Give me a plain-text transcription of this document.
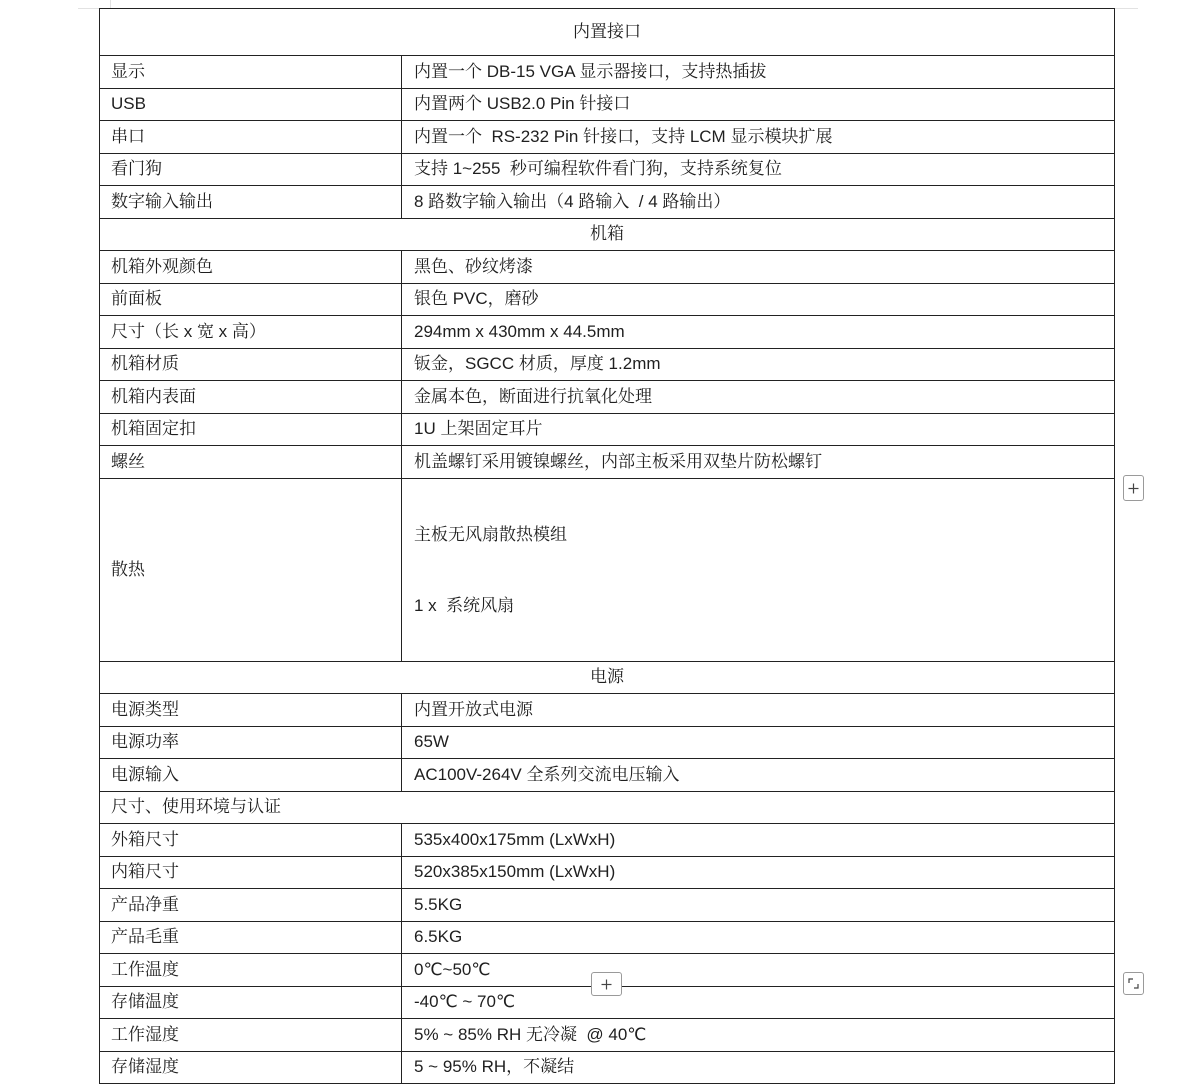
内置接口	
显示	内置一个 DB-15 VGA 显示器接口，支持热插拔
USB	内置两个 USB2.0 Pin 针接口
串口	内置一个  RS-232 Pin 针接口，支持 LCM 显示模块扩展
看门狗	支持 1~255  秒可编程软件看门狗，支持系统复位
数字输入输出	8 路数字输入输出（4 路输入  / 4 路输出）
机箱	
机箱外观颜色	黑色、砂纹烤漆
前面板	银色 PVC，磨砂
尺寸（长 x 宽 x 高）	294mm x 430mm x 44.5mm
机箱材质	钣金，SGCC 材质，厚度 1.2mm
机箱内表面	金属本色，断面进行抗氧化处理
机箱固定扣	1U 上架固定耳片
螺丝	机盖螺钉采用镀镍螺丝，内部主板采用双垫片防松螺钉
散热	主板无风扇散热模组

1 x  系统风扇

电源	
电源类型	内置开放式电源
电源功率	65W
电源输入	AC100V-264V 全系列交流电压输入
尺寸、使用环境与认证	
外箱尺寸	535x400x175mm (LxWxH)
内箱尺寸	520x385x150mm (LxWxH)
产品净重	5.5KG
产品毛重	6.5KG
工作温度	0℃~50℃
存储温度	-40℃ ~ 70℃
工作湿度	5% ~ 85% RH 无冷凝  @ 40℃
存储湿度	5 ~ 95% RH，不凝结
